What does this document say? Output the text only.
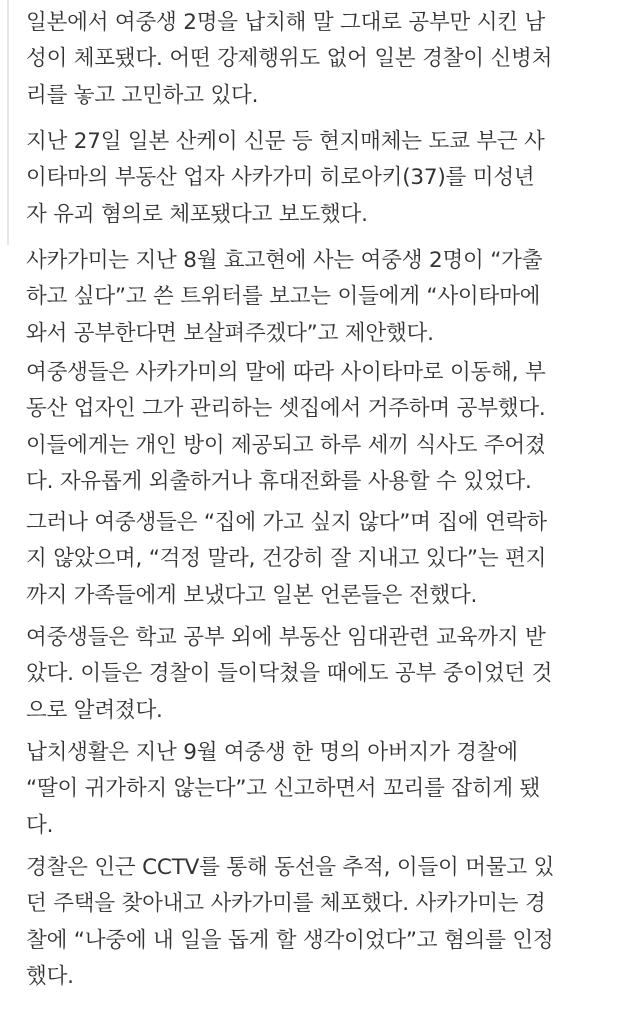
일본에서 여중생 2명을 납치해 말 그대로 공부만 시킨 남
성이 체포됐다. 어떤 강제행위도 없어 일본 경찰이 신병처
리를 놓고 고민하고 있다.

지난 27일 일본 산케이 신문 등 현지매체는 도쿄 부근 사
이타마의 부동산 업자 사카가미 히로아키(37)를 미성년
자 유괴 혐의로 체포됐다고 보도했다.

사카가미는 지난 8월 효고현에 사는 여중생 2명이 “가출
하고 싶다”고 쓴 트위터를 보고는 이들에게 “사이타마에
와서 공부한다면 보살펴주겠다”고 제안했다.

여중생들은 사카가미의 말에 따라 사이타마로 이동해, 부
동산 업자인 그가 관리하는 셋집에서 거주하며 공부했다.
이들에게는 개인 방이 제공되고 하루 세끼 식사도 주어졌
다. 자유롭게 외출하거나 휴대전화를 사용할 수 있었다.

그러나 여중생들은 “집에 가고 싶지 않다”며 집에 연락하
지 않았으며, “걱정 말라, 건강히 잘 지내고 있다”는 편지
까지 가족들에게 보냈다고 일본 언론들은 전했다.

여중생들은 학교 공부 외에 부동산 임대관련 교육까지 받
았다. 이들은 경찰이 들이닥쳤을 때에도 공부 중이었던 것
으로 알려졌다.

납치생활은 지난 9월 여중생 한 명의 아버지가 경찰에
“딸이 귀가하지 않는다”고 신고하면서 꼬리를 잡히게 됐
다.

경찰은 인근 CCTV를 통해 동선을 추적, 이들이 머물고 있
던 주택을 찾아내고 사카가미를 체포했다. 사카가미는 경
찰에 “나중에 내 일을 돕게 할 생각이었다”고 혐의를 인정
했다.
